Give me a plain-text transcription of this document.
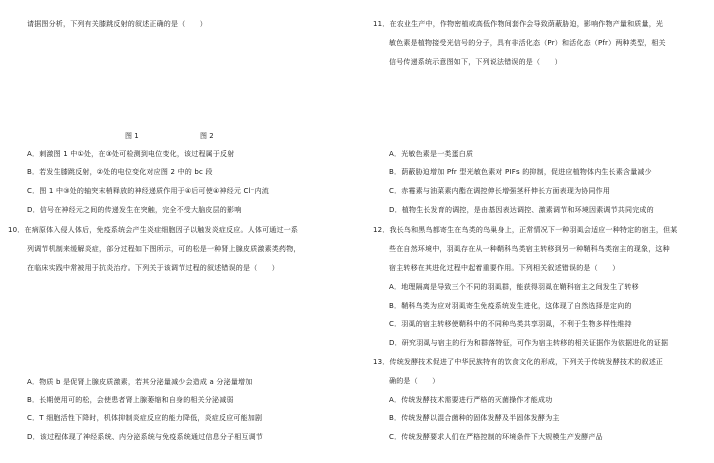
请据图分析，下列有关膝跳反射的叙述正确的是（　　）
图 1	图 2
A．刺激图 1 中①处，在③处可检测到电位变化，该过程属于反射
B．若发生膝跳反射，②处的电位变化对应图 2 中的 bc 段
C．图 1 中③处的轴突末梢释放的神经递质作用于④后可使④神经元 Cl⁻内流
D．信号在神经元之间的传递发生在突触，完全不受大脑皮层的影响
10．在病原体入侵人体后，免疫系统会产生炎症细胞因子以触发炎症反应。人体可通过一系
列调节机制来缓解炎症，部分过程如下图所示，可的松是一种肾上腺皮质激素类药物，
在临床实践中常被用于抗炎治疗。下列关于该调节过程的叙述错误的是（　　）
A．物质 b 是促肾上腺皮质激素，若其分泌量减少会造成 a 分泌量增加
B．长期使用可的松，会使患者肾上腺萎缩和自身的相关分泌减弱
C．T 细胞活性下降时，机体抑制炎症反应的能力降低，炎症反应可能加剧
D．该过程体现了神经系统、内分泌系统与免疫系统通过信息分子相互调节
11．在农业生产中，作物密植或高低作物间套作会导致荫蔽胁迫，影响作物产量和质量，光
敏色素是植物接受光信号的分子，具有非活化态（Pr）和活化态（Pfr）两种类型，相关
信号传递系统示意图如下，下列说法错误的是（　　）
A．光敏色素是一类蛋白质
B．荫蔽胁迫增加 Pfr 型光敏色素对 PIFs 的抑制，促进应植物体内生长素含量减少
C．赤霉素与油菜素内酯在调控伸长增强茎秆伸长方面表现为协同作用
D．植物生长发育的调控，是由基因表达调控、激素调节和环境因素调节共同完成的
12．我长鸟和黑鸟都寄生在鸟类的鸟巢身上，正常情况下一种羽虱会适应一种特定的宿主，但某
些在自然环境中，羽虱存在从一种鞘科鸟类宿主转移到另一种鞘科鸟类宿主的现象，这种
宿主转移在其进化过程中起着重要作用。下列相关叙述错误的是（　　）
A．地理隔离是导致三个不同的羽虱群，能获得羽虱在鞘科宿主之间发生了转移
B．鞘科鸟类为应对羽虱寄生免疫系统发生进化，这体现了自然选择是定向的
C．羽虱的宿主转移使鞘科中的不同种鸟类共享羽虱，不利于生物多样性维持
D．研究羽虱与宿主的行为和群落特征，可作为宿主转移的相关证据作为依据进化的证据
13．传统发酵技术促进了中华民族特有的饮食文化的形成，下列关于传统发酵技术的叙述正
确的是（　　）
A．传统发酵技术需要进行严格的灭菌操作才能成功
B．传统发酵以混合菌种的固体发酵及半固体发酵为主
C．传统发酵要求人们在严格控制的环境条件下大规模生产发酵产品
